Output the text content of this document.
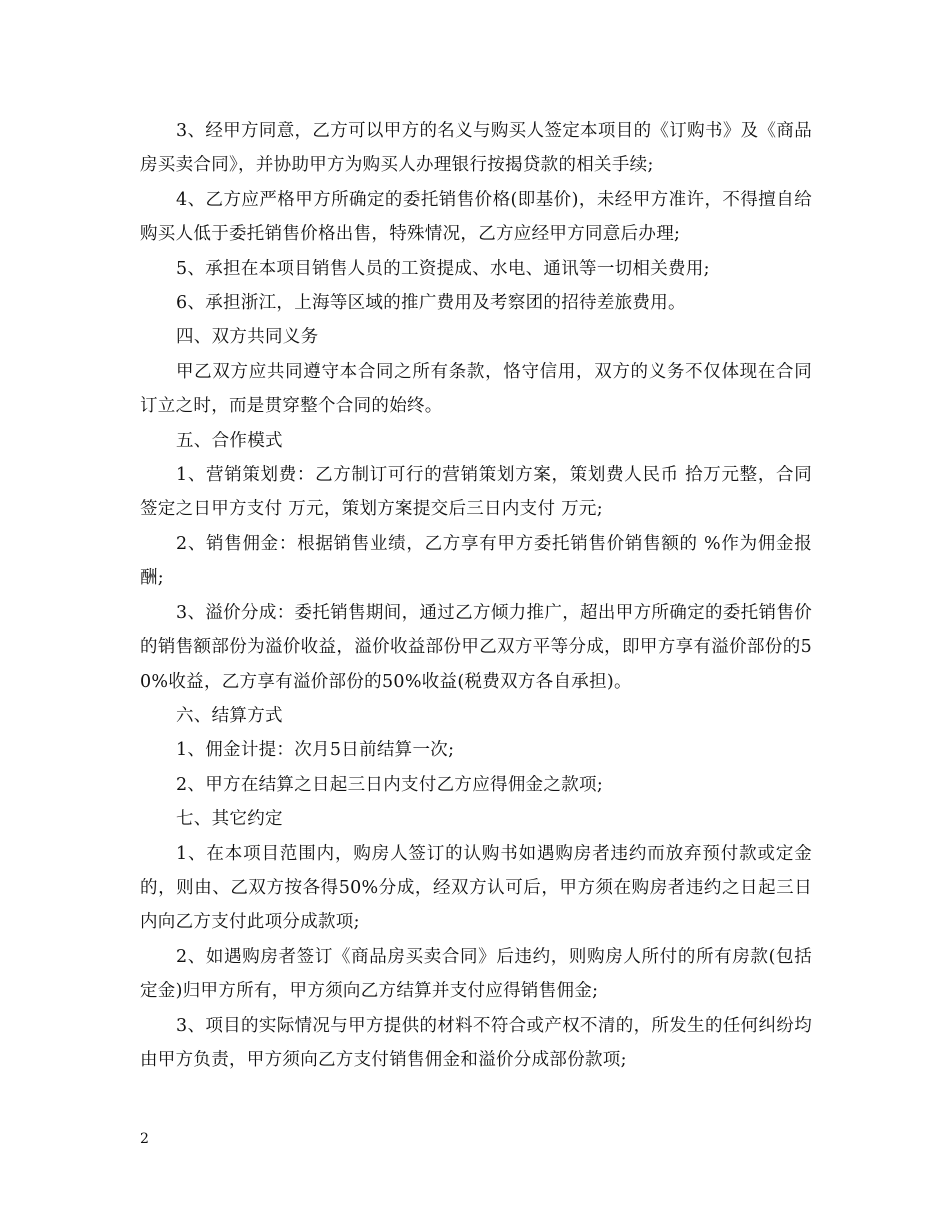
3、经甲方同意，乙方可以甲方的名义与购买人签定本项目的《订购书》及《商品房买卖合同》，并协助甲方为购买人办理银行按揭贷款的相关手续;

4、乙方应严格甲方所确定的委托销售价格(即基价)，未经甲方准许，不得擅自给购买人低于委托销售价格出售，特殊情况，乙方应经甲方同意后办理;

5、承担在本项目销售人员的工资提成、水电、通讯等一切相关费用;

6、承担浙江，上海等区域的推广费用及考察团的招待差旅费用。

四、双方共同义务

甲乙双方应共同遵守本合同之所有条款，恪守信用，双方的义务不仅体现在合同订立之时，而是贯穿整个合同的始终。

五、合作模式

1、营销策划费：乙方制订可行的营销策划方案，策划费人民币 拾万元整，合同签定之日甲方支付 万元，策划方案提交后三日内支付 万元;

2、销售佣金：根据销售业绩，乙方享有甲方委托销售价销售额的 %作为佣金报酬;

3、溢价分成：委托销售期间，通过乙方倾力推广，超出甲方所确定的委托销售价的销售额部份为溢价收益，溢价收益部份甲乙双方平等分成，即甲方享有溢价部份的50%收益，乙方享有溢价部份的50%收益(税费双方各自承担)。

六、结算方式

1、佣金计提：次月5日前结算一次;

2、甲方在结算之日起三日内支付乙方应得佣金之款项;

七、其它约定

1、在本项目范围内，购房人签订的认购书如遇购房者违约而放弃预付款或定金的，则由、乙双方按各得50%分成，经双方认可后，甲方须在购房者违约之日起三日内向乙方支付此项分成款项;

2、如遇购房者签订《商品房买卖合同》后违约，则购房人所付的所有房款(包括定金)归甲方所有，甲方须向乙方结算并支付应得销售佣金;

3、项目的实际情况与甲方提供的材料不符合或产权不清的，所发生的任何纠纷均由甲方负责，甲方须向乙方支付销售佣金和溢价分成部份款项;

2
